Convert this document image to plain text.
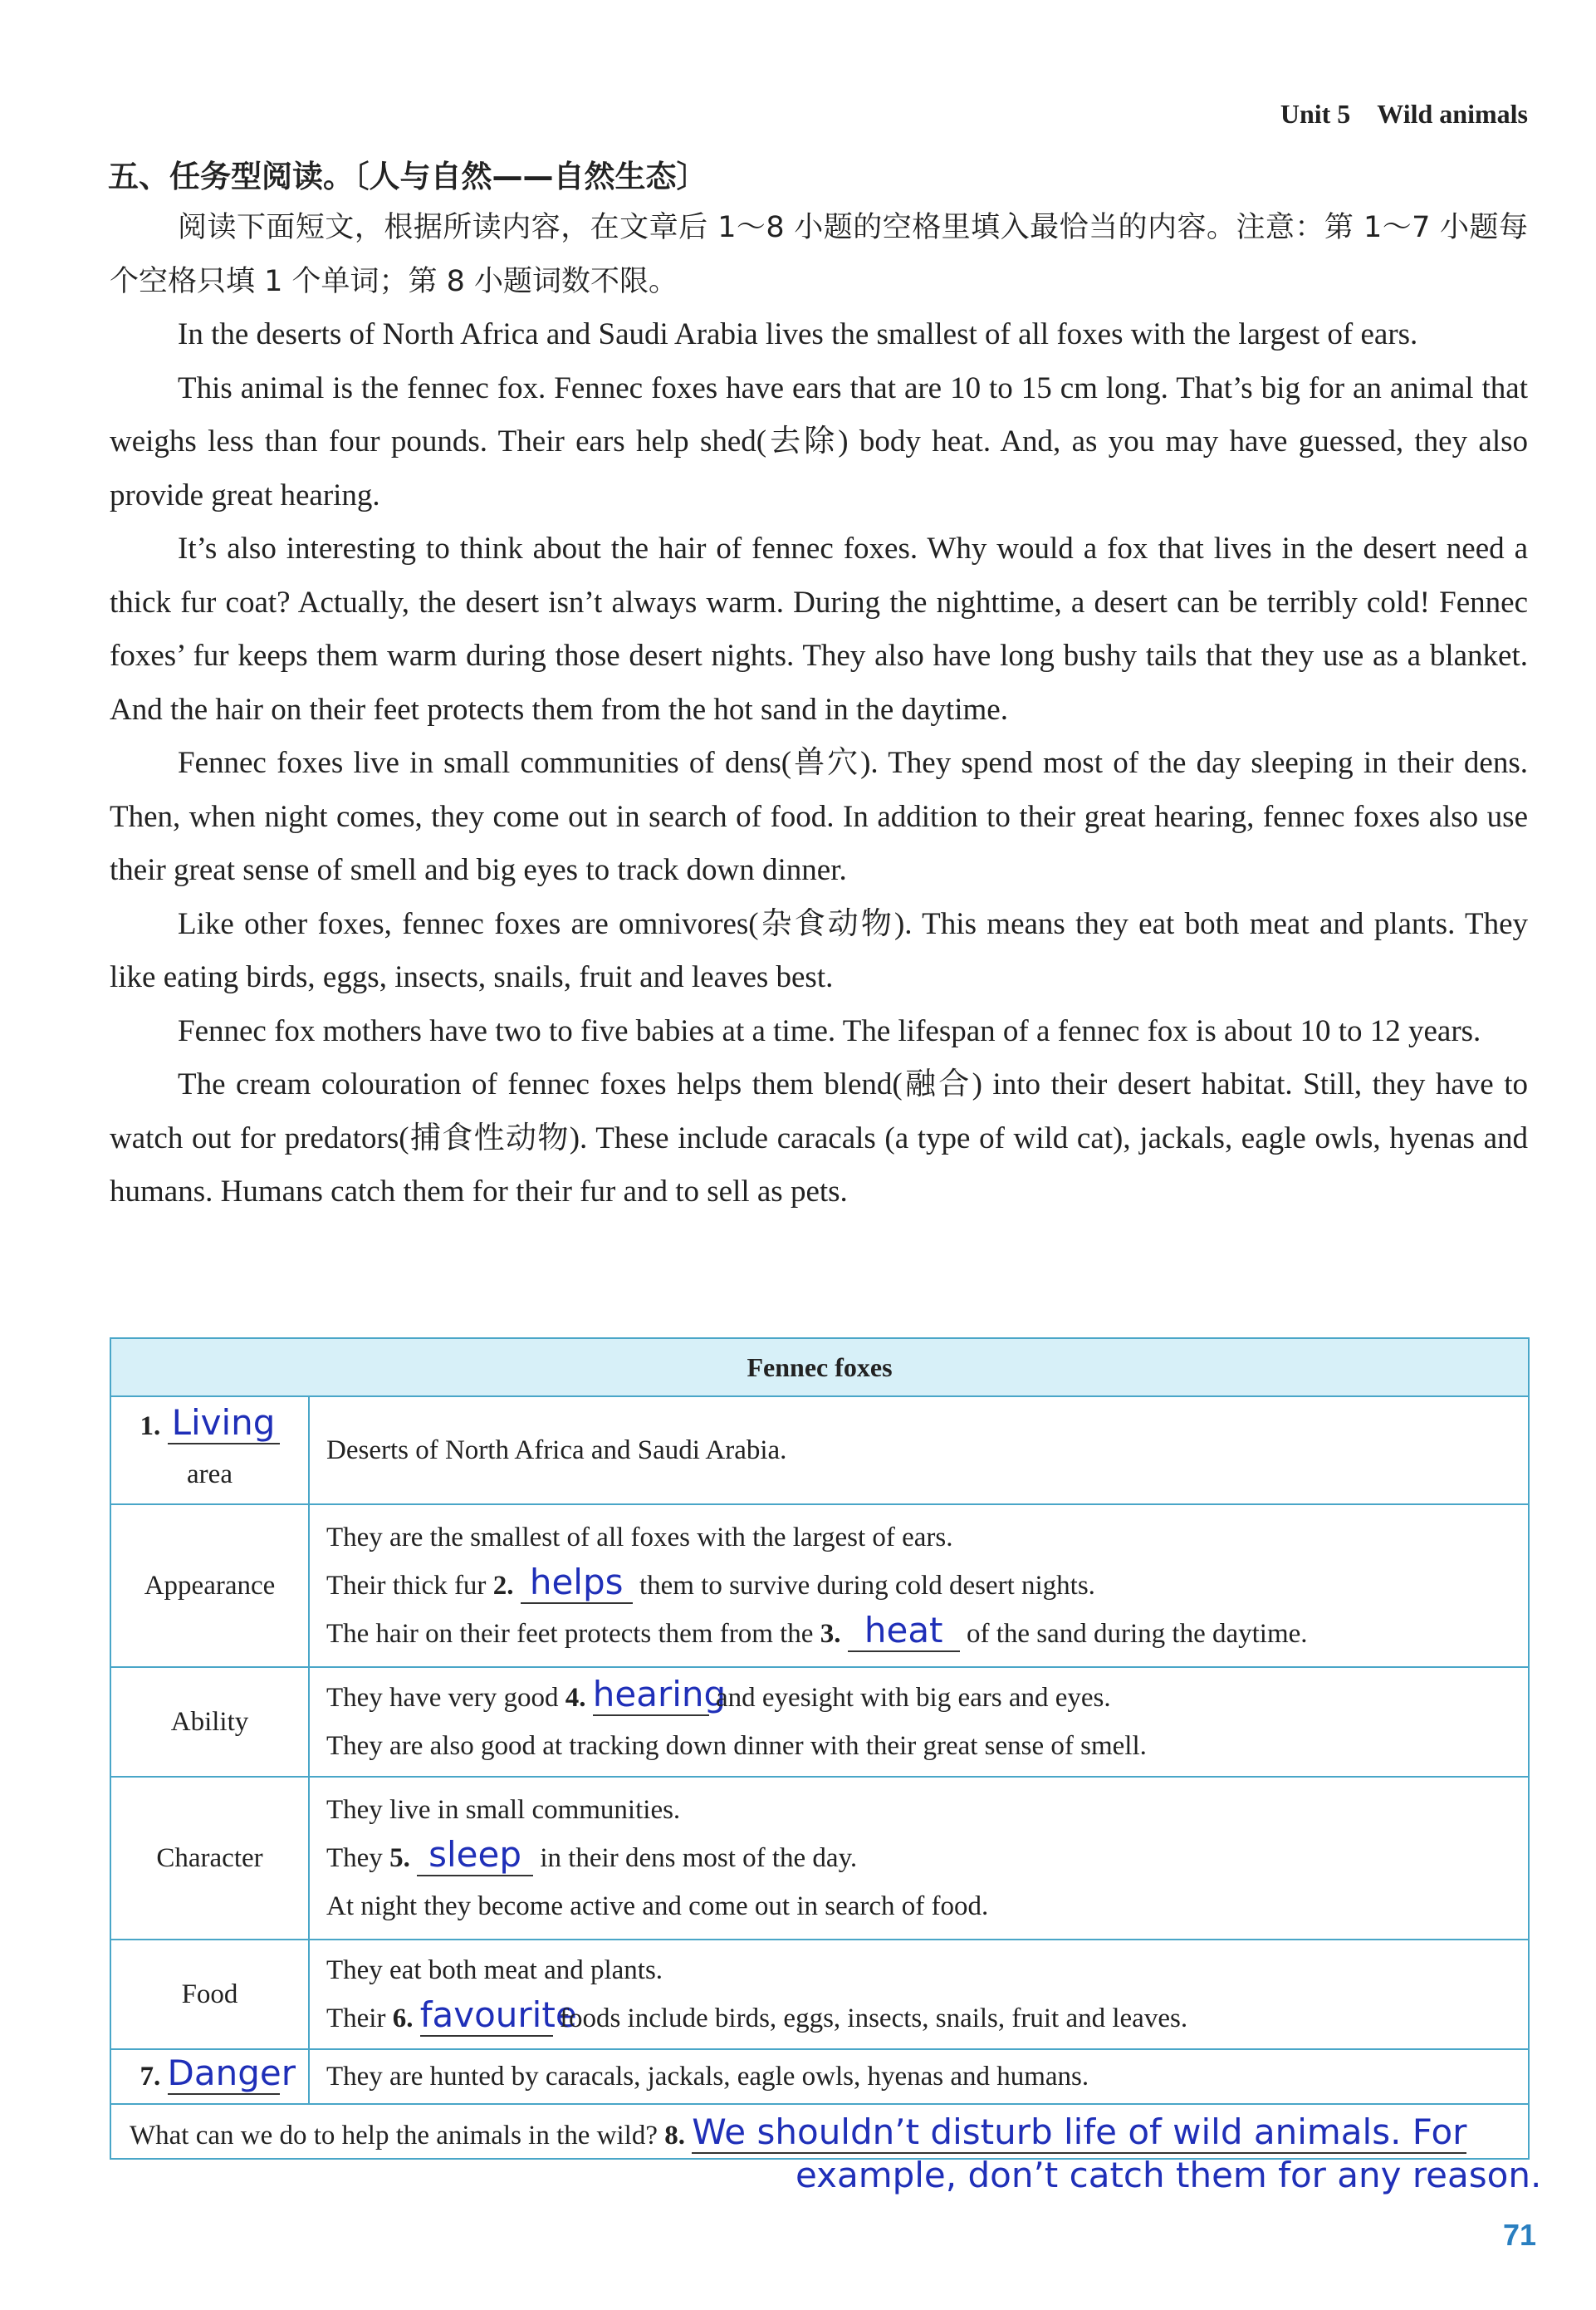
Unit 5　Wild animals
五、任务型阅读。〔人与自然——自然生态〕

阅读下面短文，根据所读内容，在文章后 1～8 小题的空格里填入最恰当的内容。注意：第 1～7 小题每个空格只填 1 个单词；第 8 小题词数不限。

In the deserts of North Africa and Saudi Arabia lives the smallest of all foxes with the largest of ears.

This animal is the fennec fox. Fennec foxes have ears that are 10 to 15 cm long. That’s big for an animal that weighs less than four pounds. Their ears help shed(去除) body heat. And, as you may have guessed, they also provide great hearing.

It’s also interesting to think about the hair of fennec foxes. Why would a fox that lives in the desert need a thick fur coat? Actually, the desert isn’t always warm. During the nighttime, a desert can be terribly cold! Fennec foxes’ fur keeps them warm during those desert nights. They also have long bushy tails that they use as a blanket. And the hair on their feet protects them from the hot sand in the daytime.

Fennec foxes live in small communities of dens(兽穴). They spend most of the day sleeping in their dens. Then, when night comes, they come out in search of food. In addition to their great hearing, fennec foxes also use their great sense of smell and big eyes to track down dinner.

Like other foxes, fennec foxes are omnivores(杂食动物). This means they eat both meat and plants. They like eating birds, eggs, insects, snails, fruit and leaves best.

Fennec fox mothers have two to five babies at a time. The lifespan of a fennec fox is about 10 to 12 years.

The cream colouration of fennec foxes helps them blend(融合) into their desert habitat. Still, they have to watch out for predators(捕食性动物). These include caracals (a type of wild cat), jackals, eagle owls, hyenas and humans. Humans catch them for their fur and to sell as pets.

Fennec foxes	
1. Living
area	Deserts of North Africa and Saudi Arabia.
Appearance	They are the smallest of all foxes with the largest of ears.
Their thick fur 2. helps them to survive during cold desert nights.
The hair on their feet protects them from the 3. heat of the sand during the daytime.

Ability	They have very good 4. hearing and eyesight with big ears and eyes.
They are also good at tracking down dinner with their great sense of smell.

Character	They live in small communities.
They 5. sleep in their dens most of the day.
At night they become active and come out in search of food.

Food	They eat both meat and plants.
Their 6. favourite foods include birds, eggs, insects, snails, fruit and leaves.

7. Danger	They are hunted by caracals, jackals, eagle owls, hyenas and humans.
What can we do to help the animals in the wild? 8. We shouldn’t disturb life of wild animals. For	
example, don’t catch them for any reason.
71
